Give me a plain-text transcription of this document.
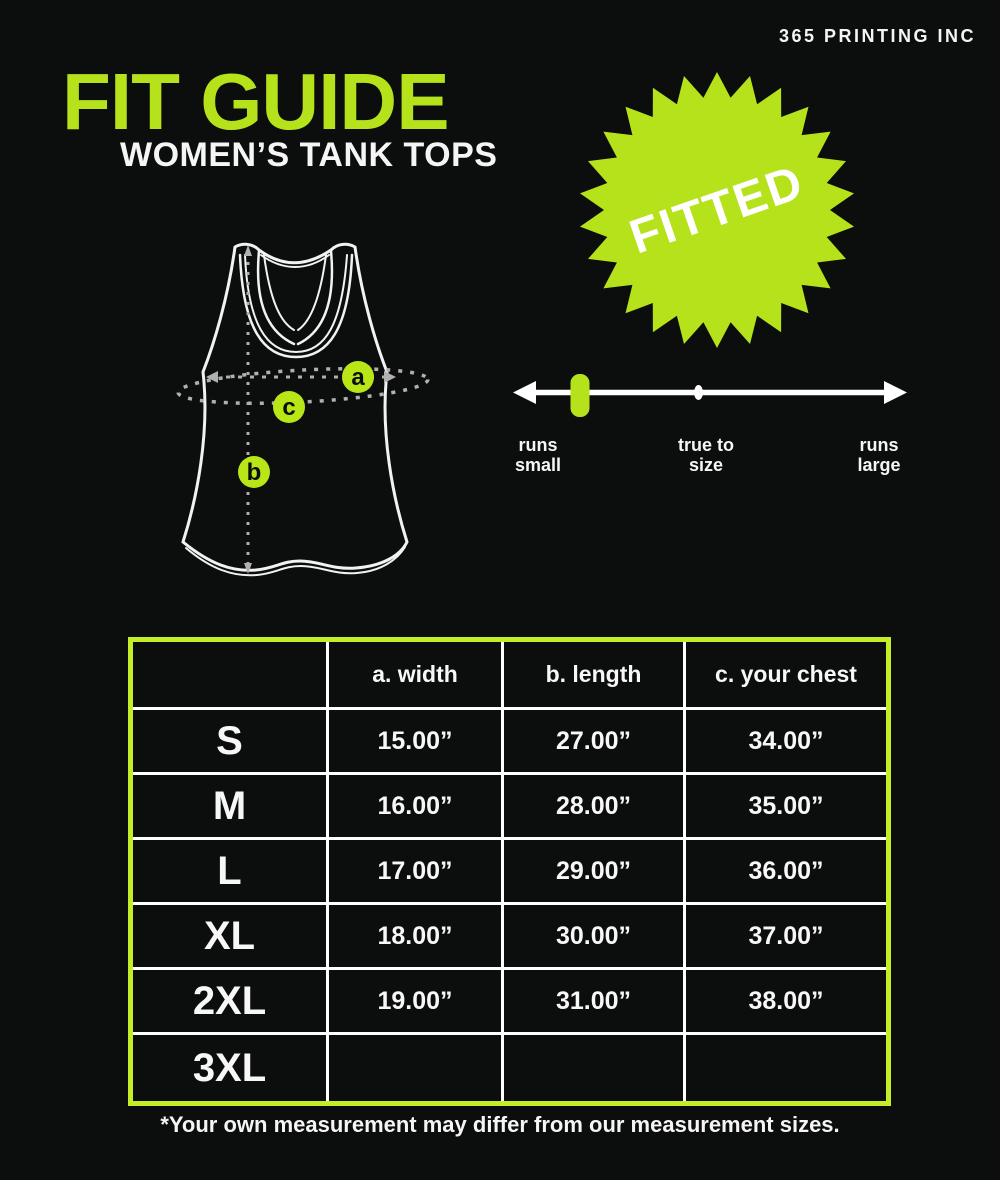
365 PRINTING INC
FIT GUIDE
WOMEN’S TANK TOPS
FITTED
a
c
b
runs
small
true to
size
runs
large
a. width	b. length	c. your chest
S	15.00”	27.00”	34.00”
M	16.00”	28.00”	35.00”
L	17.00”	29.00”	36.00”
XL	18.00”	30.00”	37.00”
2XL	19.00”	31.00”	38.00”
3XL
*Your own measurement may differ from our measurement sizes.
